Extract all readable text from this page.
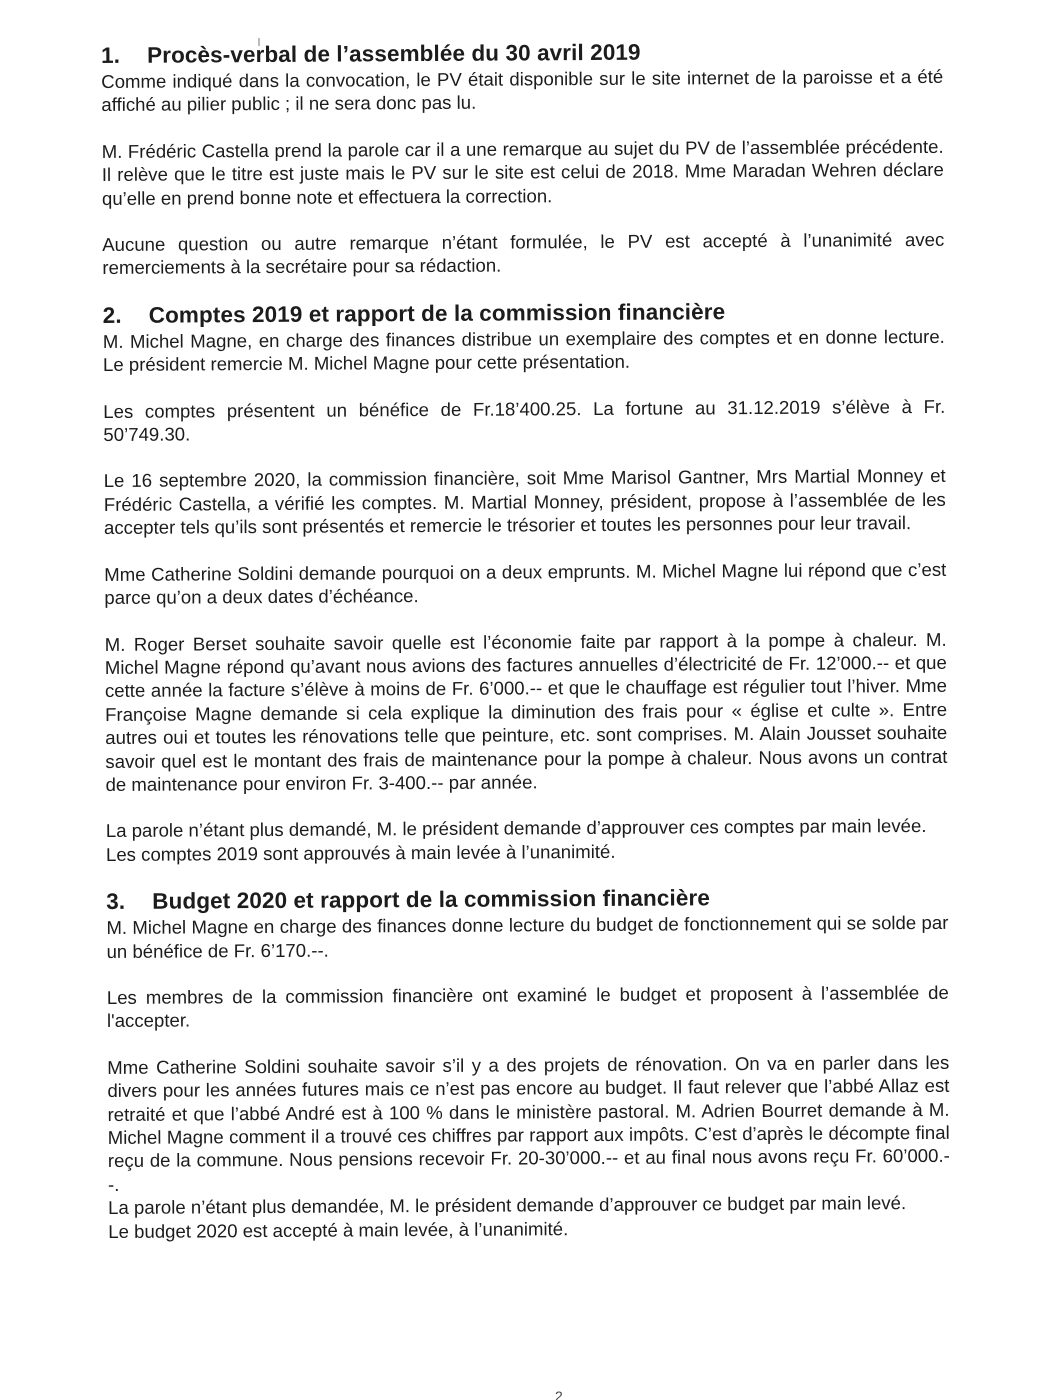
1.	Procès-verbal de l’assemblée du 30 avril 2019

Comme indiqué dans la convocation, le PV était disponible sur le site internet de la paroisse et a été affiché au pilier public ; il ne sera donc pas lu.

M. Frédéric Castella prend la parole car il a une remarque au sujet du PV de l’assemblée précédente. Il relève que le titre est juste mais le PV sur le site est celui de 2018. Mme Maradan Wehren déclare qu’elle en prend bonne note et effectuera la correction.

Aucune question ou autre remarque n’étant formulée, le PV est accepté à l’unanimité avec remerciements à la secrétaire pour sa rédaction.

2.	Comptes 2019 et rapport de la commission financière

M. Michel Magne, en charge des finances distribue un exemplaire des comptes et en donne lecture. Le président remercie M. Michel Magne pour cette présentation.

Les comptes présentent un bénéfice de Fr.18’400.25. La fortune au 31.12.2019 s’élève à Fr. 50’749.30.

Le 16 septembre 2020, la commission financière, soit Mme Marisol Gantner, Mrs Martial Monney et Frédéric Castella, a vérifié les comptes. M. Martial Monney, président, propose à l’assemblée de les accepter tels qu’ils sont présentés et remercie le trésorier et toutes les personnes pour leur travail.

Mme Catherine Soldini demande pourquoi on a deux emprunts. M. Michel Magne lui répond que c’est parce qu’on a deux dates d’échéance.

M. Roger Berset souhaite savoir quelle est l’économie faite par rapport à la pompe à chaleur. M. Michel Magne répond qu’avant nous avions des factures annuelles d’électricité de Fr. 12’000.-- et que cette année la facture s’élève à moins de Fr. 6’000.-- et que le chauffage est régulier tout l’hiver. Mme Françoise Magne demande si cela explique la diminution des frais pour « église et culte ». Entre autres oui et toutes les rénovations telle que peinture, etc. sont comprises. M. Alain Jousset souhaite savoir quel est le montant des frais de maintenance pour la pompe à chaleur. Nous avons un contrat de maintenance pour environ Fr. 3-400.-- par année.

La parole n’étant plus demandé, M. le président demande d’approuver ces comptes par main levée.

Les comptes 2019 sont approuvés à main levée à l’unanimité.

3.	Budget 2020 et rapport de la commission financière

M. Michel Magne en charge des finances donne lecture du budget de fonctionnement qui se solde par un bénéfice de Fr. 6’170.--.

Les membres de la commission financière ont examiné le budget et proposent à l’assemblée de l'accepter.

Mme Catherine Soldini souhaite savoir s’il y a des projets de rénovation. On va en parler dans les divers pour les années futures mais ce n’est pas encore au budget. Il faut relever que l’abbé Allaz est retraité et que l’abbé André est à 100 % dans le ministère pastoral. M. Adrien Bourret demande à M. Michel Magne comment il a trouvé ces chiffres par rapport aux impôts. C’est d’après le décompte final reçu de la commune. Nous pensions recevoir Fr. 20-30’000.-- et au final nous avons reçu Fr. 60’000.--.

La parole n’étant plus demandée, M. le président demande d’approuver ce budget par main levé.

Le budget 2020 est accepté à main levée, à l’unanimité.

2
